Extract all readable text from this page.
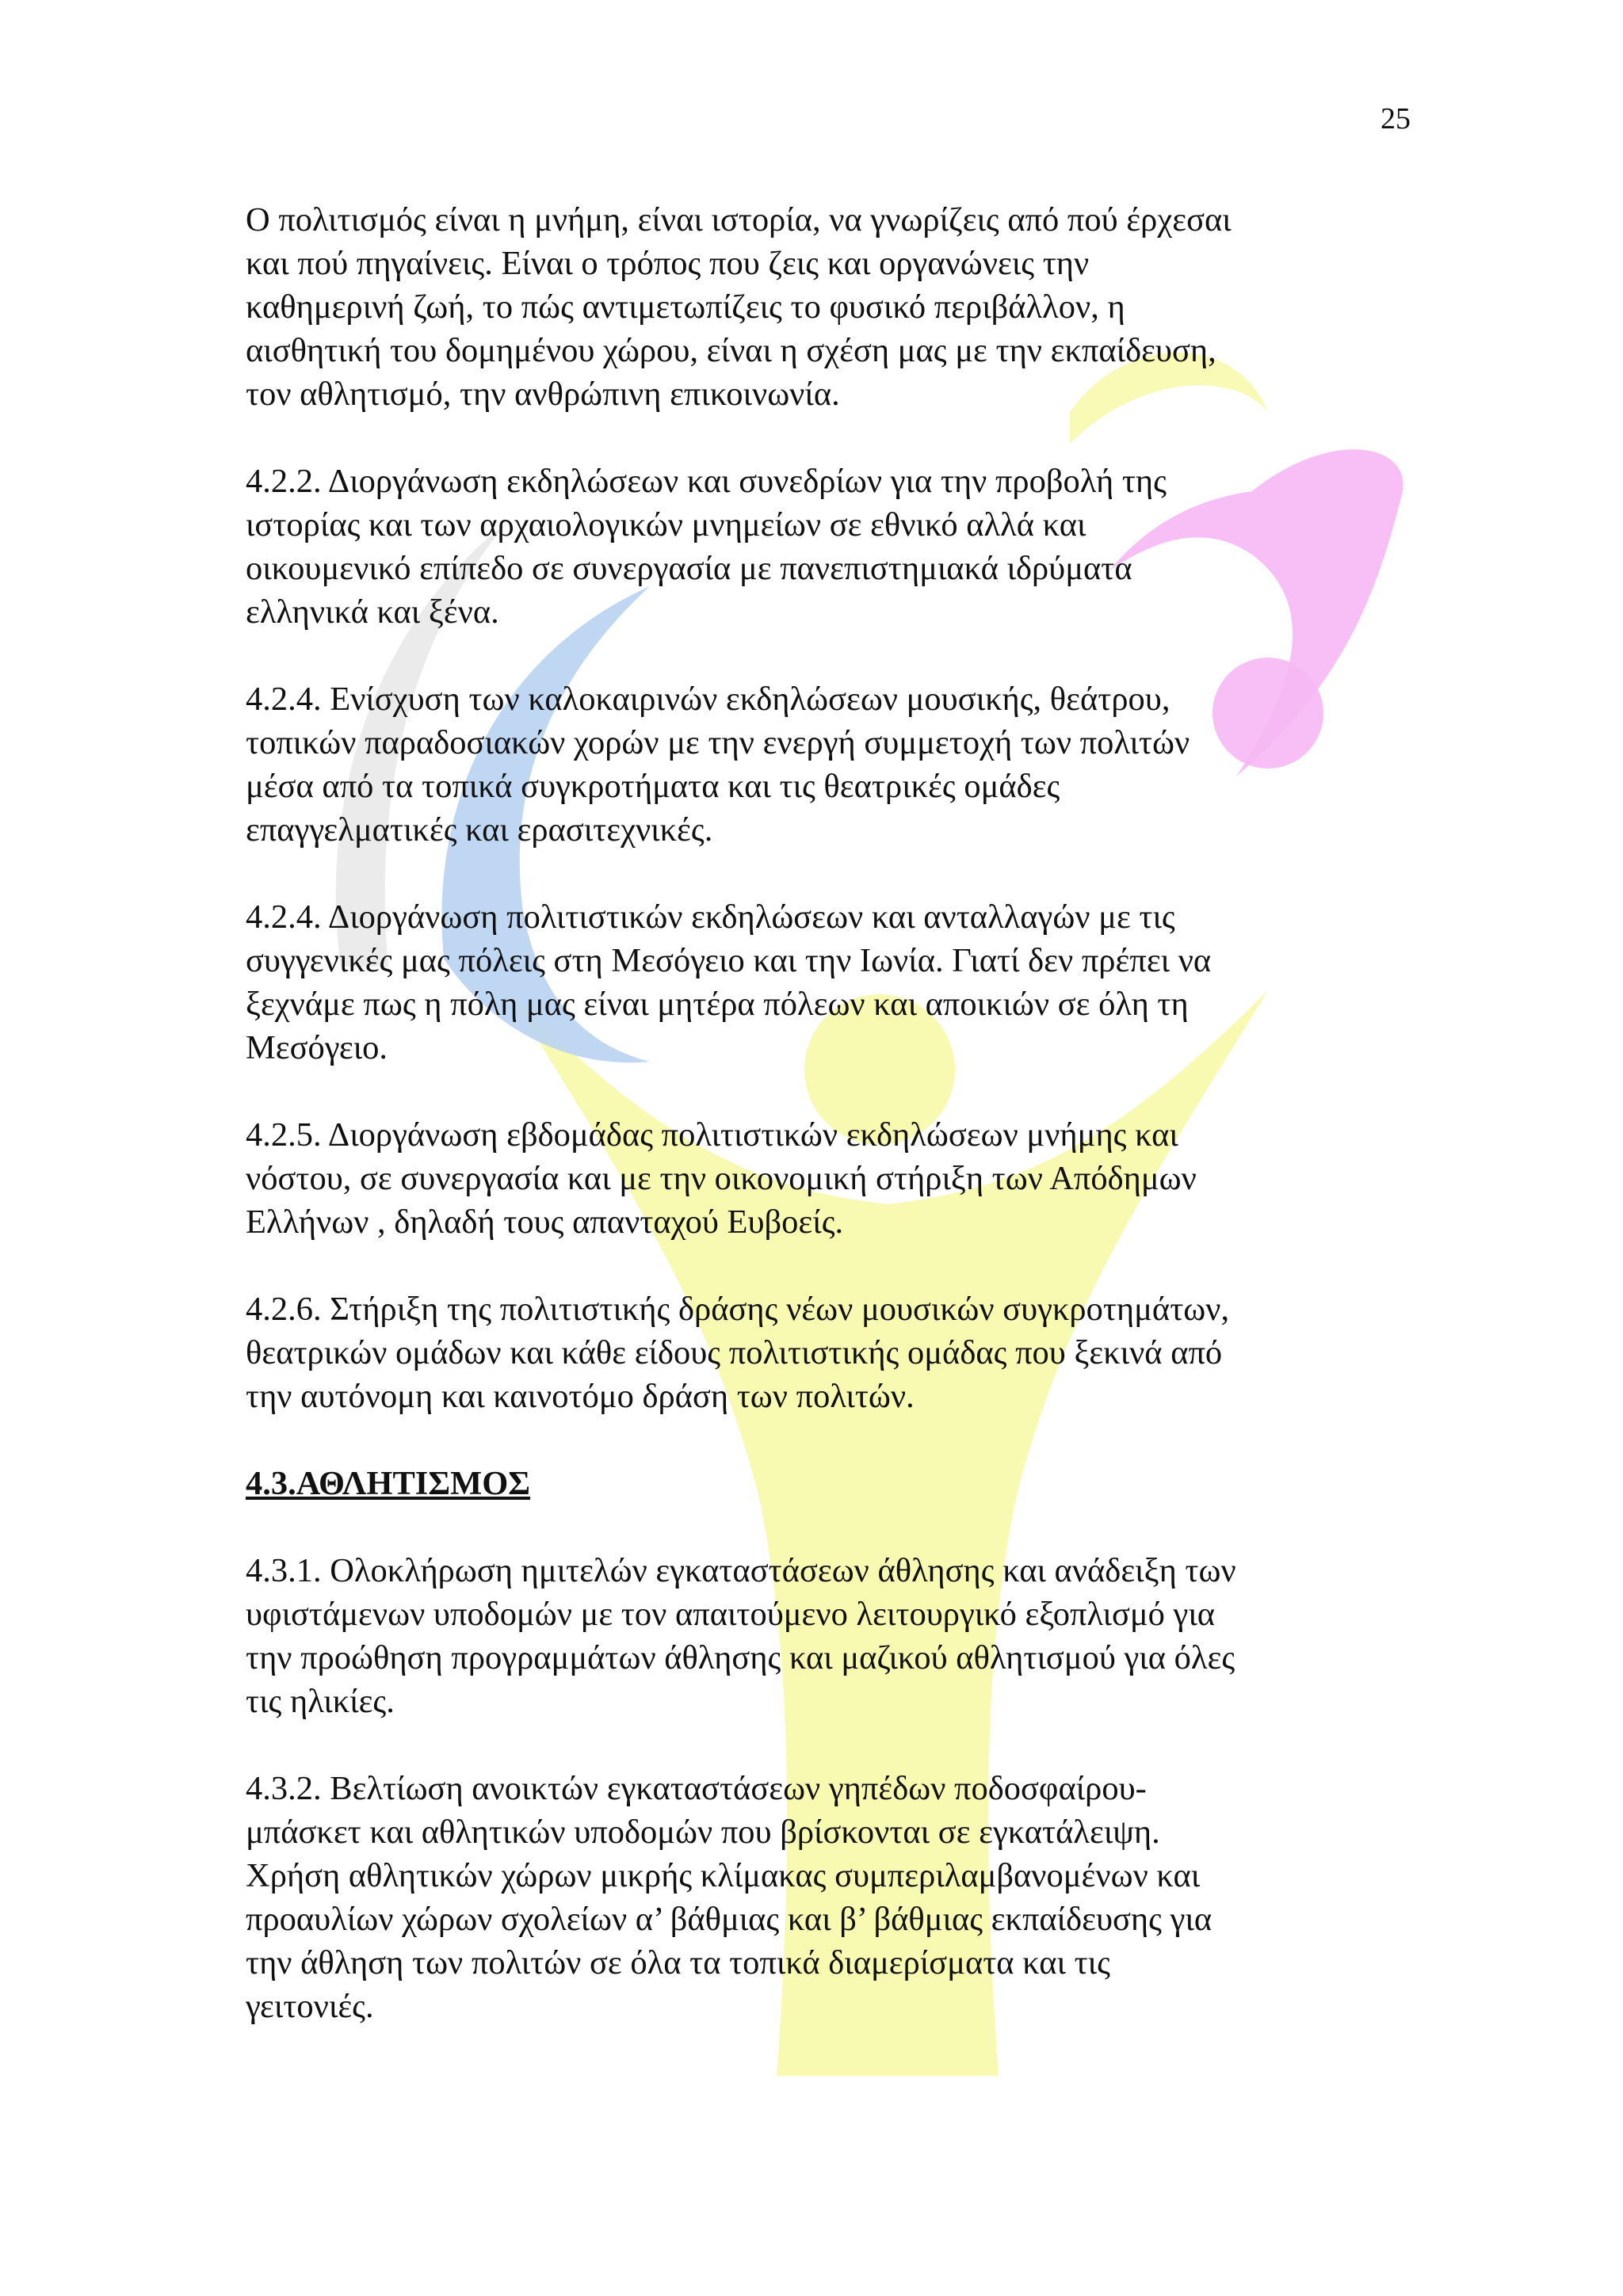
25

Ο πολιτισμός είναι η μνήμη, είναι ιστορία, να γνωρίζεις από πού έρχεσαι
και πού πηγαίνεις. Είναι ο τρόπος που ζεις και οργανώνεις την
καθημερινή ζωή, το πώς αντιμετωπίζεις το φυσικό περιβάλλον, η
αισθητική του δομημένου χώρου, είναι η σχέση μας με την εκπαίδευση,
τον αθλητισμό, την ανθρώπινη επικοινωνία.

4.2.2. Διοργάνωση εκδηλώσεων και συνεδρίων για την προβολή της
ιστορίας και των αρχαιολογικών μνημείων σε εθνικό αλλά και
οικουμενικό επίπεδο σε συνεργασία με πανεπιστημιακά ιδρύματα
ελληνικά και ξένα.

4.2.4. Ενίσχυση των καλοκαιρινών εκδηλώσεων μουσικής, θεάτρου,
τοπικών παραδοσιακών χορών με την ενεργή συμμετοχή των πολιτών
μέσα από τα τοπικά συγκροτήματα και τις θεατρικές ομάδες
επαγγελματικές και ερασιτεχνικές.

4.2.4. Διοργάνωση πολιτιστικών εκδηλώσεων και ανταλλαγών με τις
συγγενικές μας πόλεις στη Μεσόγειο και την Ιωνία. Γιατί δεν πρέπει να
ξεχνάμε πως η πόλη μας είναι μητέρα πόλεων και αποικιών σε όλη τη
Μεσόγειο.

4.2.5. Διοργάνωση εβδομάδας πολιτιστικών εκδηλώσεων μνήμης και
νόστου, σε συνεργασία και με την οικονομική στήριξη των Απόδημων
Ελλήνων , δηλαδή τους απανταχού Ευβοείς.

4.2.6. Στήριξη της πολιτιστικής δράσης νέων μουσικών συγκροτημάτων,
θεατρικών ομάδων και κάθε είδους πολιτιστικής ομάδας που ξεκινά από
την αυτόνομη και καινοτόμο δράση των πολιτών.

4.3.ΑΘΛΗΤΙΣΜΟΣ

4.3.1. Ολοκλήρωση ημιτελών εγκαταστάσεων άθλησης και ανάδειξη των
υφιστάμενων υποδομών με τον απαιτούμενο λειτουργικό εξοπλισμό για
την προώθηση προγραμμάτων άθλησης και μαζικού αθλητισμού για όλες
τις ηλικίες.

4.3.2. Βελτίωση ανοικτών εγκαταστάσεων γηπέδων ποδοσφαίρου-
μπάσκετ και αθλητικών υποδομών που βρίσκονται σε εγκατάλειψη.
Χρήση αθλητικών χώρων μικρής κλίμακας συμπεριλαμβανομένων και
προαυλίων χώρων σχολείων α’ βάθμιας και β’ βάθμιας εκπαίδευσης για
την άθληση των πολιτών σε όλα τα τοπικά διαμερίσματα και τις
γειτονιές.
